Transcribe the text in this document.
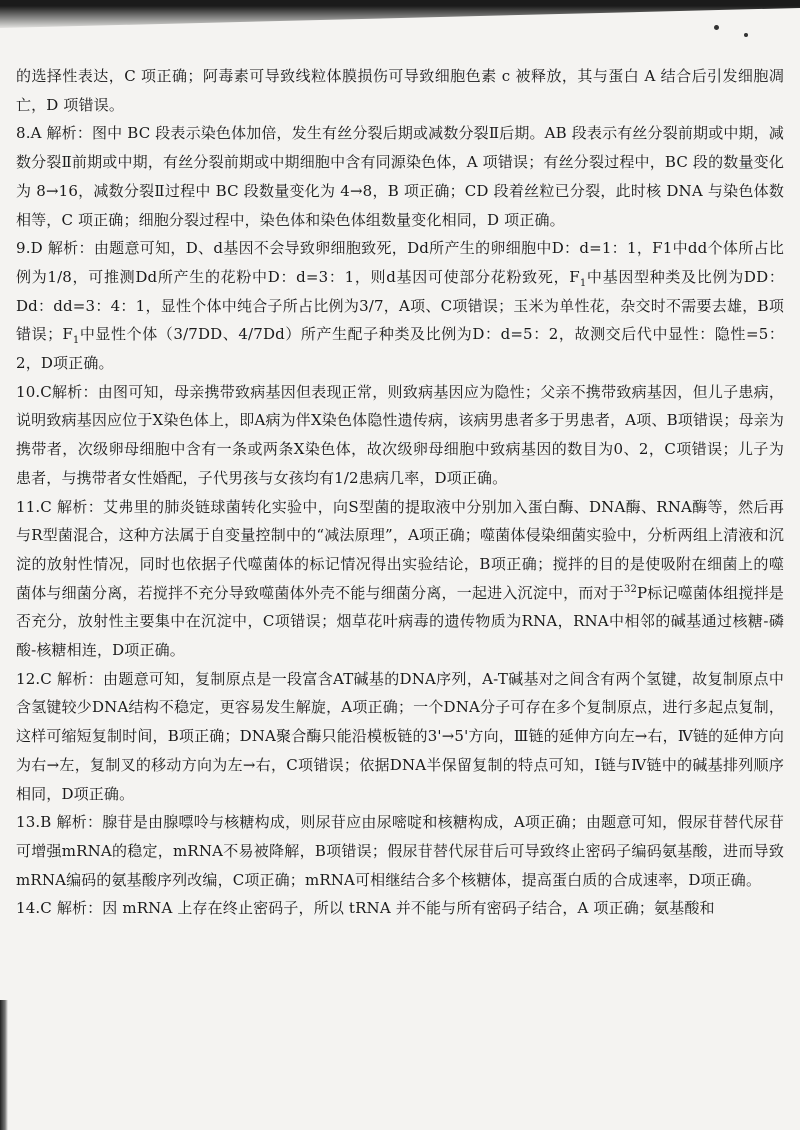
的选择性表达，C 项正确；阿毒素可导致线粒体膜损伤可导致细胞色素 c 被释放，其与蛋白 A 结合后引发细胞凋亡，D 项错误。

8.A 解析：图中 BC 段表示染色体加倍，发生有丝分裂后期或减数分裂Ⅱ后期。AB 段表示有丝分裂前期或中期，减数分裂Ⅱ前期或中期，有丝分裂前期或中期细胞中含有同源染色体，A 项错误；有丝分裂过程中，BC 段的数量变化为 8→16，减数分裂Ⅱ过程中 BC 段数量变化为 4→8，B 项正确；CD 段着丝粒已分裂，此时核 DNA 与染色体数相等，C 项正确；细胞分裂过程中，染色体和染色体组数量变化相同，D 项正确。

9.D 解析：由题意可知，D、d基因不会导致卵细胞致死，Dd所产生的卵细胞中D：d=1：1，F1中dd个体所占比例为1/8，可推测Dd所产生的花粉中D：d=3：1，则d基因可使部分花粉致死，$F_1$中基因型种类及比例为DD：Dd：dd=3：4：1，显性个体中纯合子所占比例为3/7，A项、C项错误；玉米为单性花，杂交时不需要去雄，B项错误；$F_1$中显性个体（3/7DD、4/7Dd）所产生配子种类及比例为D：d=5：2，故测交后代中显性：隐性=5：2，D项正确。

10.C解析：由图可知，母亲携带致病基因但表现正常，则致病基因应为隐性；父亲不携带致病基因，但儿子患病，说明致病基因应位于X染色体上，即A病为伴X染色体隐性遗传病，该病男患者多于男患者，A项、B项错误；母亲为携带者，次级卵母细胞中含有一条或两条X染色体，故次级卵母细胞中致病基因的数目为0、2，C项错误；儿子为患者，与携带者女性婚配，子代男孩与女孩均有1/2患病几率，D项正确。

11.C 解析：艾弗里的肺炎链球菌转化实验中，向S型菌的提取液中分别加入蛋白酶、DNA酶、RNA酶等，然后再与R型菌混合，这种方法属于自变量控制中的“减法原理”，A项正确；噬菌体侵染细菌实验中，分析两组上清液和沉淀的放射性情况，同时也依据子代噬菌体的标记情况得出实验结论，B项正确；搅拌的目的是使吸附在细菌上的噬菌体与细菌分离，若搅拌不充分导致噬菌体外壳不能与细菌分离，一起进入沉淀中，而对于$^{32}$P标记噬菌体组搅拌是否充分，放射性主要集中在沉淀中，C项错误；烟草花叶病毒的遗传物质为RNA，RNA中相邻的碱基通过核糖-磷酸-核糖相连，D项正确。

12.C 解析：由题意可知，复制原点是一段富含AT碱基的DNA序列，A-T碱基对之间含有两个氢键，故复制原点中含氢键较少DNA结构不稳定，更容易发生解旋，A项正确；一个DNA分子可存在多个复制原点，进行多起点复制，这样可缩短复制时间，B项正确；DNA聚合酶只能沿模板链的3'→5'方向，Ⅲ链的延伸方向左→右，Ⅳ链的延伸方向为右→左，复制叉的移动方向为左→右，C项错误；依据DNA半保留复制的特点可知，Ⅰ链与Ⅳ链中的碱基排列顺序相同，D项正确。

13.B 解析：腺苷是由腺嘌呤与核糖构成，则尿苷应由尿嘧啶和核糖构成，A项正确；由题意可知，假尿苷替代尿苷可增强mRNA的稳定，mRNA不易被降解，B项错误；假尿苷替代尿苷后可导致终止密码子编码氨基酸，进而导致mRNA编码的氨基酸序列改编，C项正确；mRNA可相继结合多个核糖体，提高蛋白质的合成速率，D项正确。

14.C 解析：因 mRNA 上存在终止密码子，所以 tRNA 并不能与所有密码子结合，A 项正确；氨基酸和
